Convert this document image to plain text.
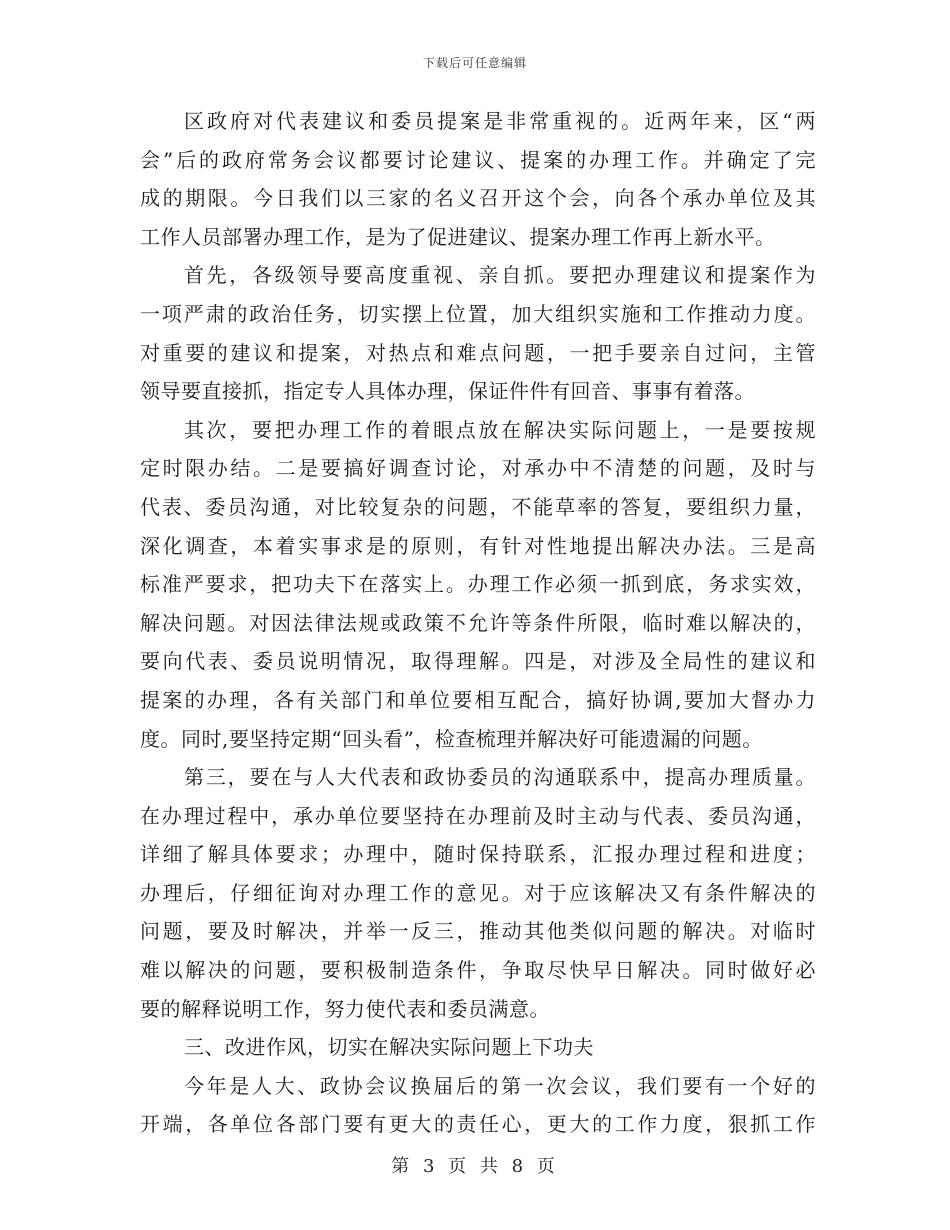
下载后可任意编辑
区政府对代表建议和委员提案是非常重视的。近两年来，区“两
会”后的政府常务会议都要讨论建议、提案的办理工作。并确定了完
成的期限。今日我们以三家的名义召开这个会，向各个承办单位及其
工作人员部署办理工作，是为了促进建议、提案办理工作再上新水平。
首先，各级领导要高度重视、亲自抓。要把办理建议和提案作为
一项严肃的政治任务，切实摆上位置，加大组织实施和工作推动力度。
对重要的建议和提案，对热点和难点问题，一把手要亲自过问，主管
领导要直接抓，指定专人具体办理，保证件件有回音、事事有着落。
其次，要把办理工作的着眼点放在解决实际问题上，一是要按规
定时限办结。二是要搞好调查讨论，对承办中不清楚的问题，及时与
代表、委员沟通，对比较复杂的问题，不能草率的答复，要组织力量，
深化调查，本着实事求是的原则，有针对性地提出解决办法。三是高
标准严要求，把功夫下在落实上。办理工作必须一抓到底，务求实效，
解决问题。对因法律法规或政策不允许等条件所限，临时难以解决的，
要向代表、委员说明情况，取得理解。四是，对涉及全局性的建议和
提案的办理，各有关部门和单位要相互配合，搞好协调,要加大督办力
度。同时,要坚持定期“回头看”，检查梳理并解决好可能遗漏的问题。
第三，要在与人大代表和政协委员的沟通联系中，提高办理质量。
在办理过程中，承办单位要坚持在办理前及时主动与代表、委员沟通，
详细了解具体要求；办理中，随时保持联系，汇报办理过程和进度；
办理后，仔细征询对办理工作的意见。对于应该解决又有条件解决的
问题，要及时解决，并举一反三，推动其他类似问题的解决。对临时
难以解决的问题，要积极制造条件，争取尽快早日解决。同时做好必
要的解释说明工作，努力使代表和委员满意。
三、改进作风，切实在解决实际问题上下功夫
今年是人大、政协会议换届后的第一次会议，我们要有一个好的
开端，各单位各部门要有更大的责任心，更大的工作力度，狠抓工作
第 3 页 共 8 页
